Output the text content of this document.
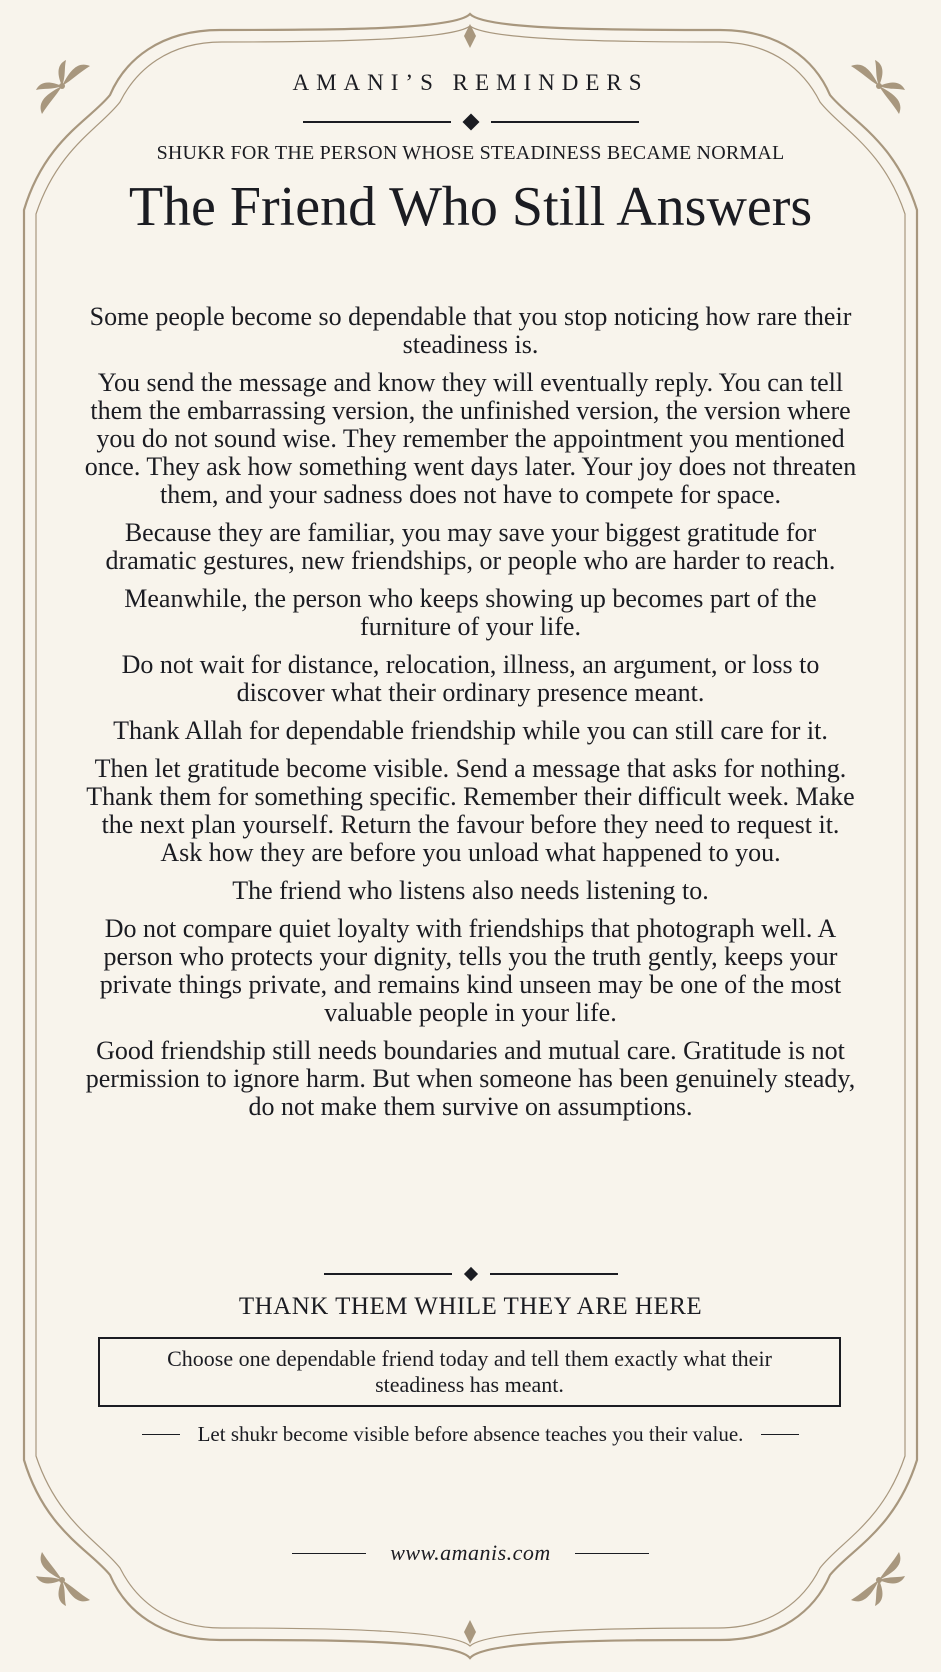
AMANI’S REMINDERS
SHUKR FOR THE PERSON WHOSE STEADINESS BECAME NORMAL
The Friend Who Still Answers

Some people become so dependable that you stop noticing how rare their steadiness is.

You send the message and know they will eventually reply. You can tell them the embarrassing version, the unfinished version, the version where you do not sound wise. They remember the appointment you mentioned once. They ask how something went days later. Your joy does not threaten them, and your sadness does not have to compete for space.

Because they are familiar, you may save your biggest gratitude for dramatic gestures, new friendships, or people who are harder to reach.

Meanwhile, the person who keeps showing up becomes part of the furniture of your life.

Do not wait for distance, relocation, illness, an argument, or loss to discover what their ordinary presence meant.

Thank Allah for dependable friendship while you can still care for it.

Then let gratitude become visible. Send a message that asks for nothing. Thank them for something specific. Remember their difficult week. Make the next plan yourself. Return the favour before they need to request it. Ask how they are before you unload what happened to you.

The friend who listens also needs listening to.

Do not compare quiet loyalty with friendships that photograph well. A person who protects your dignity, tells you the truth gently, keeps your private things private, and remains kind unseen may be one of the most valuable people in your life.

Good friendship still needs boundaries and mutual care. Gratitude is not permission to ignore harm. But when someone has been genuinely steady, do not make them survive on assumptions.

THANK THEM WHILE THEY ARE HERE
Choose one dependable friend today and tell them exactly what their steadiness has meant.
Let shukr become visible before absence teaches you their value.
www.amanis.com
